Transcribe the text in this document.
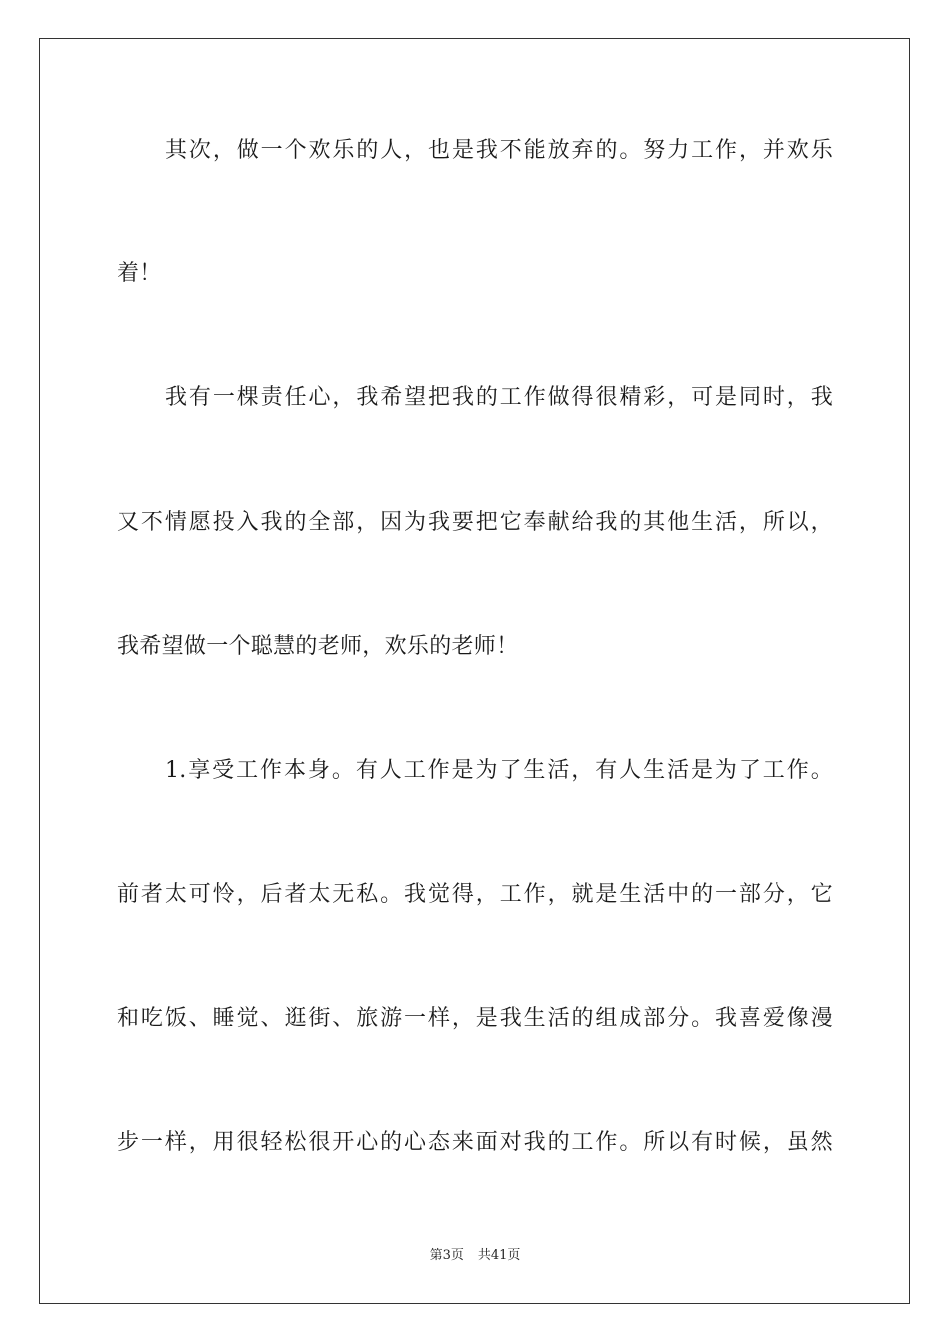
其次，做一个欢乐的人，也是我不能放弃的。努力工作，并欢乐
着！
我有一棵责任心，我希望把我的工作做得很精彩，可是同时，我
又不情愿投入我的全部，因为我要把它奉献给我的其他生活，所以，
我希望做一个聪慧的老师，欢乐的老师！
1.享受工作本身。有人工作是为了生活，有人生活是为了工作。
前者太可怜，后者太无私。我觉得，工作，就是生活中的一部分，它
和吃饭、睡觉、逛街、旅游一样，是我生活的组成部分。我喜爱像漫
步一样，用很轻松很开心的心态来面对我的工作。所以有时候，虽然
第3页 共41页
